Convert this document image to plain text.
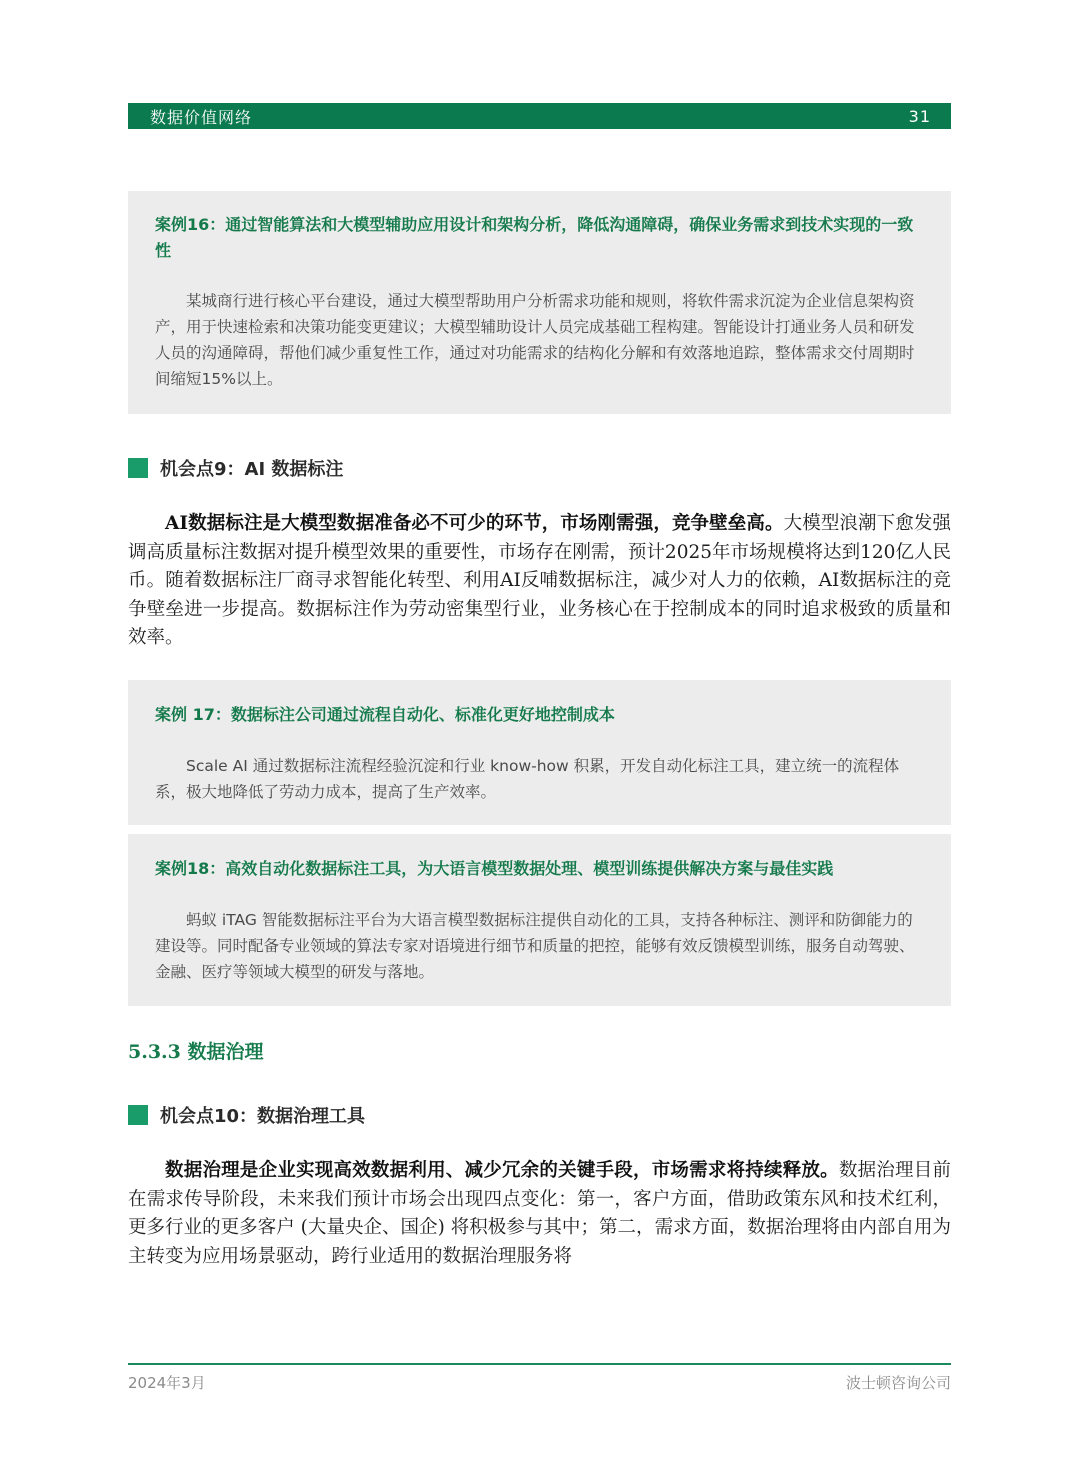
数据价值网络	31

案例16：通过智能算法和大模型辅助应用设计和架构分析，降低沟通障碍，确保业务需求到技术实现的一致性

某城商行进行核心平台建设，通过大模型帮助用户分析需求功能和规则，将软件需求沉淀为企业信息架构资产，用于快速检索和决策功能变更建议；大模型辅助设计人员完成基础工程构建。智能设计打通业务人员和研发人员的沟通障碍，帮他们减少重复性工作，通过对功能需求的结构化分解和有效落地追踪，整体需求交付周期时间缩短15%以上。

机会点9：AI 数据标注

AI数据标注是大模型数据准备必不可少的环节，市场刚需强，竞争壁垒高。大模型浪潮下愈发强调高质量标注数据对提升模型效果的重要性，市场存在刚需，预计2025年市场规模将达到120亿人民币。随着数据标注厂商寻求智能化转型、利用AI反哺数据标注，减少对人力的依赖，AI数据标注的竞争壁垒进一步提高。数据标注作为劳动密集型行业，业务核心在于控制成本的同时追求极致的质量和效率。

案例 17：数据标注公司通过流程自动化、标准化更好地控制成本

Scale AI 通过数据标注流程经验沉淀和行业 know-how 积累，开发自动化标注工具，建立统一的流程体系，极大地降低了劳动力成本，提高了生产效率。

案例18：高效自动化数据标注工具，为大语言模型数据处理、模型训练提供解决方案与最佳实践

蚂蚁 iTAG 智能数据标注平台为大语言模型数据标注提供自动化的工具，支持各种标注、测评和防御能力的建设等。同时配备专业领域的算法专家对语境进行细节和质量的把控，能够有效反馈模型训练，服务自动驾驶、金融、医疗等领域大模型的研发与落地。

5.3.3 数据治理
机会点10：数据治理工具

数据治理是企业实现高效数据利用、减少冗余的关键手段，市场需求将持续释放。数据治理目前在需求传导阶段，未来我们预计市场会出现四点变化：第一，客户方面，借助政策东风和技术红利，更多行业的更多客户 (大量央企、国企) 将积极参与其中；第二，需求方面，数据治理将由内部自用为主转变为应用场景驱动，跨行业适用的数据治理服务将

2024年3月	波士顿咨询公司
